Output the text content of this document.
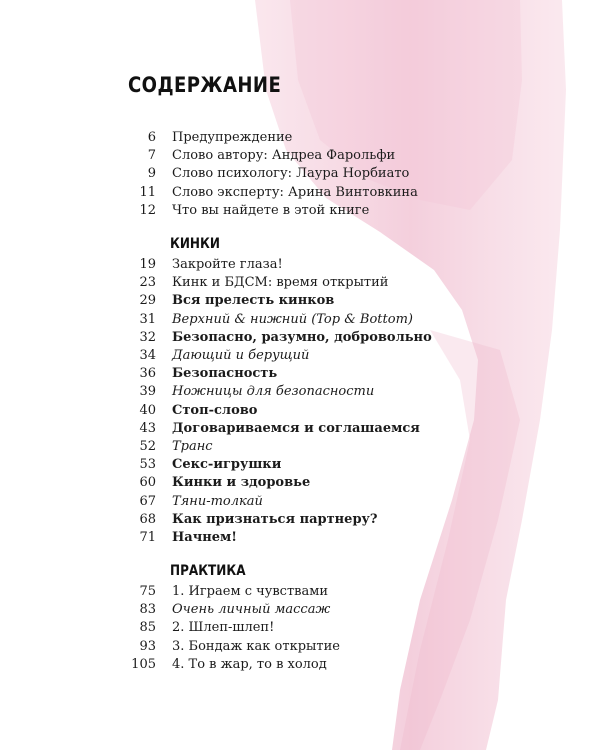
СОДЕРЖАНИЕ
6 Предупреждение
7 Слово автору: Андреа Фарольфи
9 Слово психологу: Лаура Норбиато
11 Слово эксперту: Арина Винтовкина
12 Что вы найдете в этой книге
КИНКИ
19 Закройте глаза!
23 Кинк и БДСМ: время открытий
29 Вся прелесть кинков
31 Верхний & нижний (Top & Bottom)
32 Безопасно, разумно, добровольно
34 Дающий и берущий
36 Безопасность
39 Ножницы для безопасности
40 Стоп-слово
43 Договариваемся и соглашаемся
52 Транс
53 Секс-игрушки
60 Кинки и здоровье
67 Тяни-толкай
68 Как признаться партнеру?
71 Начнем!
ПРАКТИКА
75 1. Играем с чувствами
83 Очень личный массаж
85 2. Шлеп-шлеп!
93 3. Бондаж как открытие
105 4. То в жар, то в холод
